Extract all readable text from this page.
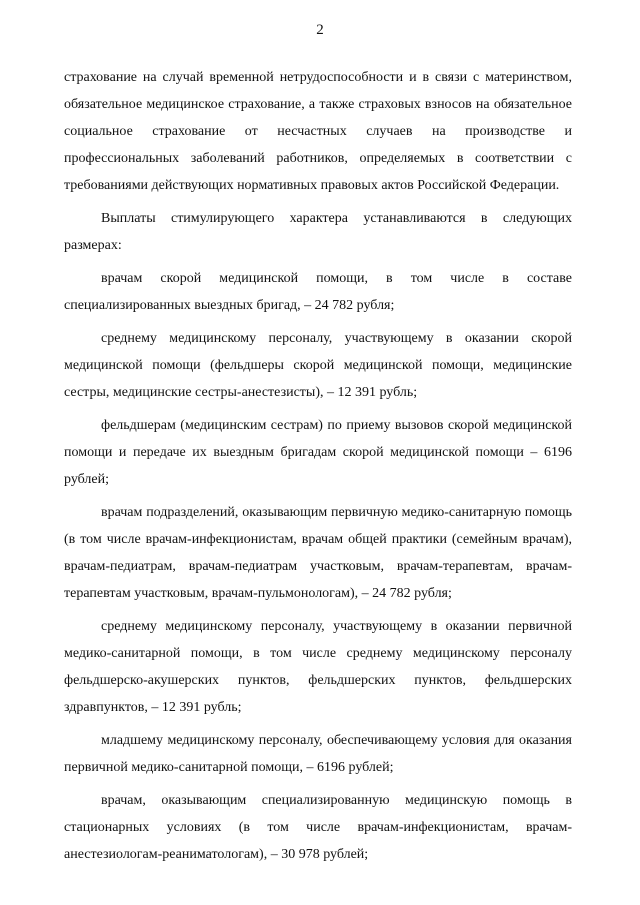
2

страхование на случай временной нетрудоспособности и в связи с материнством, обязательное медицинское страхование, а также страховых взносов на обязательное социальное страхование от несчастных случаев на производстве и профессиональных заболеваний работников, определяемых в соответствии с требованиями действующих нормативных правовых актов Российской Федерации.

Выплаты стимулирующего характера устанавливаются в следующих размерах:

врачам скорой медицинской помощи, в том числе в составе специализированных выездных бригад, – 24 782 рубля;

среднему медицинскому персоналу, участвующему в оказании скорой медицинской помощи (фельдшеры скорой медицинской помощи, медицинские сестры, медицинские сестры-анестезисты), – 12 391 рубль;

фельдшерам (медицинским сестрам) по приему вызовов скорой медицинской помощи и передаче их выездным бригадам скорой медицинской помощи – 6196 рублей;

врачам подразделений, оказывающим первичную медико-санитарную помощь (в том числе врачам-инфекционистам, врачам общей практики (семейным врачам), врачам-педиатрам, врачам-педиатрам участковым, врачам-терапевтам, врачам-терапевтам участковым, врачам-пульмонологам), – 24 782 рубля;

среднему медицинскому персоналу, участвующему в оказании первичной медико-санитарной помощи, в том числе среднему медицинскому персоналу фельдшерско-акушерских пунктов, фельдшерских пунктов, фельдшерских здравпунктов, – 12 391 рубль;

младшему медицинскому персоналу, обеспечивающему условия для оказания первичной медико-санитарной помощи, – 6196 рублей;

врачам, оказывающим специализированную медицинскую помощь в стационарных условиях (в том числе врачам-инфекционистам, врачам-анестезиологам-реаниматологам), – 30 978 рублей;
